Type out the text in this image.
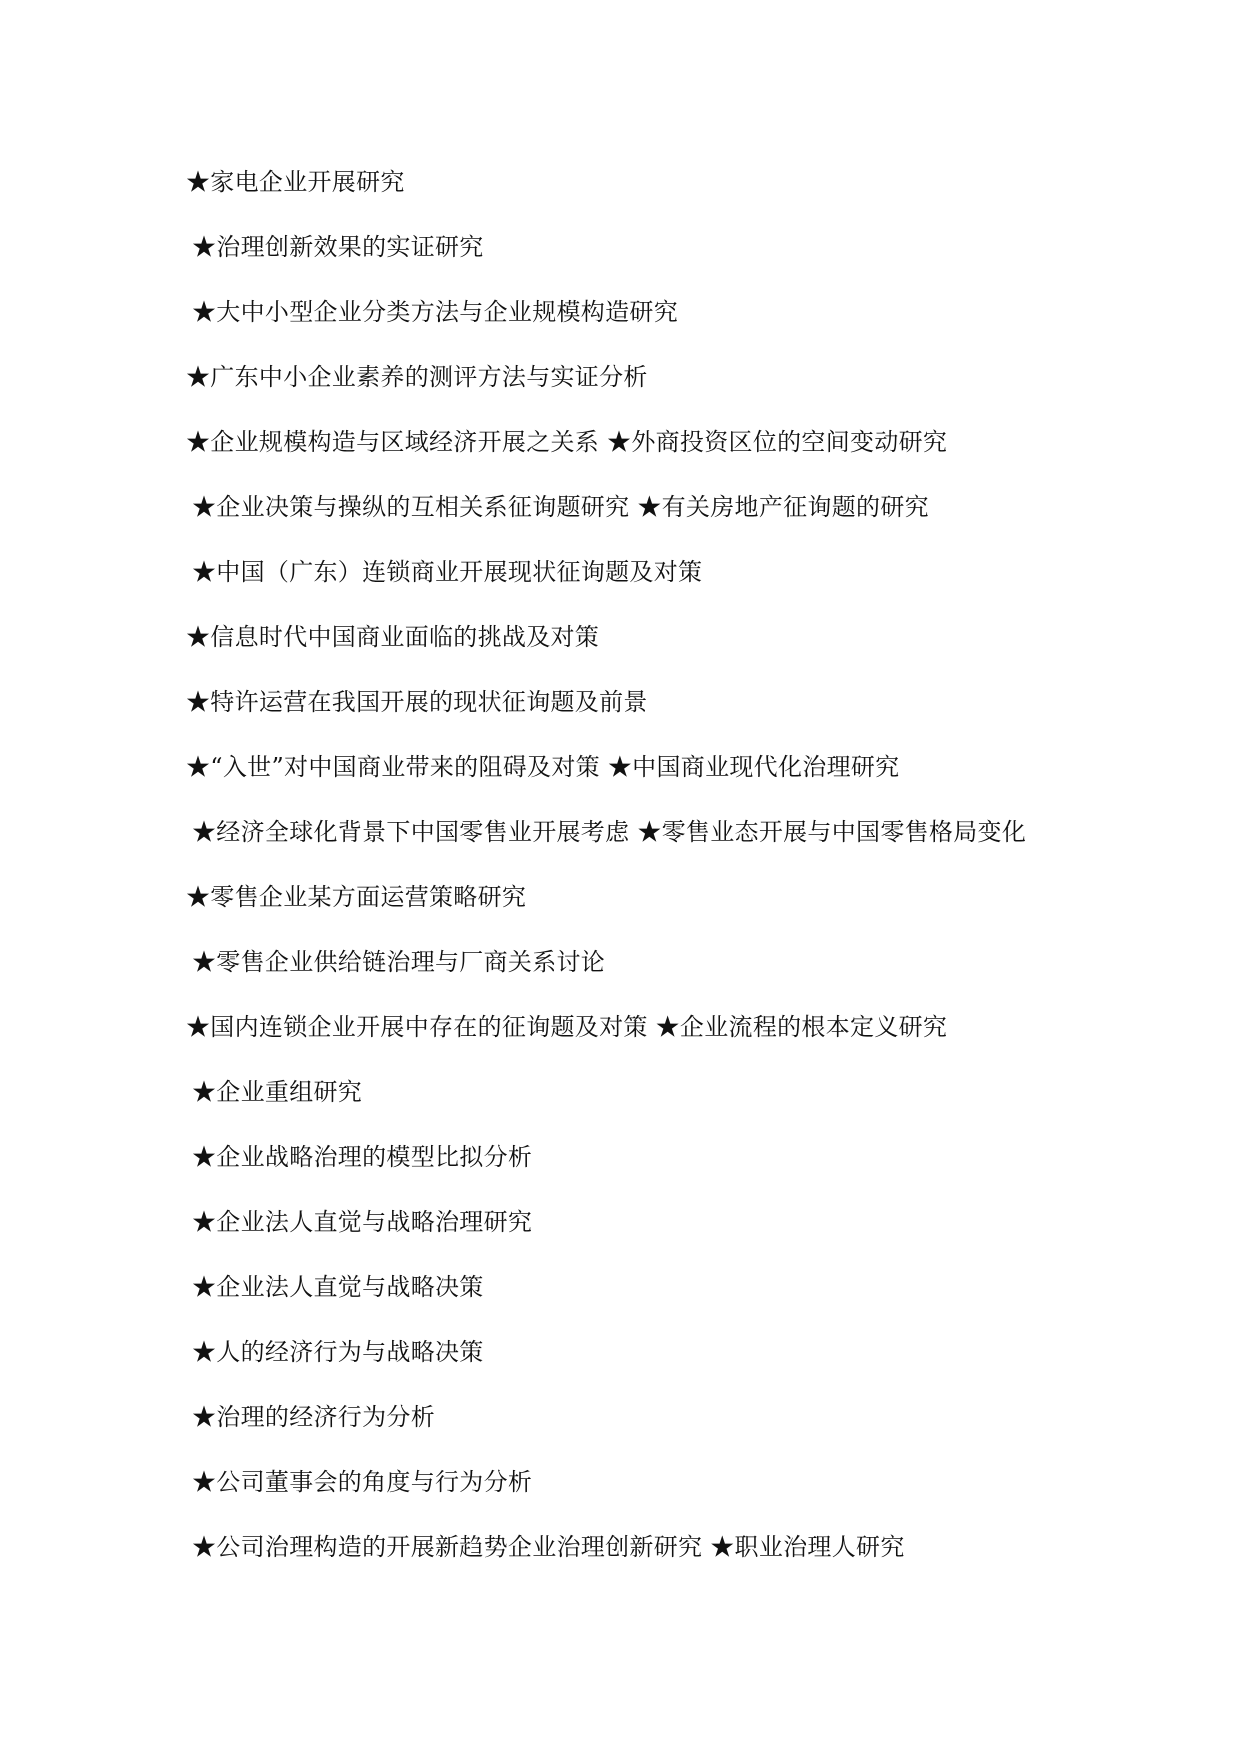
★家电企业开展研究
★治理创新效果的实证研究
★大中小型企业分类方法与企业规模构造研究
★广东中小企业素养的测评方法与实证分析
★企业规模构造与区域经济开展之关系 ★外商投资区位的空间变动研究
★企业决策与操纵的互相关系征询题研究 ★有关房地产征询题的研究
★中国（广东）连锁商业开展现状征询题及对策
★信息时代中国商业面临的挑战及对策
★特许运营在我国开展的现状征询题及前景
★“入世”对中国商业带来的阻碍及对策 ★中国商业现代化治理研究
★经济全球化背景下中国零售业开展考虑 ★零售业态开展与中国零售格局变化
★零售企业某方面运营策略研究
★零售企业供给链治理与厂商关系讨论
★国内连锁企业开展中存在的征询题及对策 ★企业流程的根本定义研究
★企业重组研究
★企业战略治理的模型比拟分析
★企业法人直觉与战略治理研究
★企业法人直觉与战略决策
★人的经济行为与战略决策
★治理的经济行为分析
★公司董事会的角度与行为分析
★公司治理构造的开展新趋势企业治理创新研究 ★职业治理人研究
